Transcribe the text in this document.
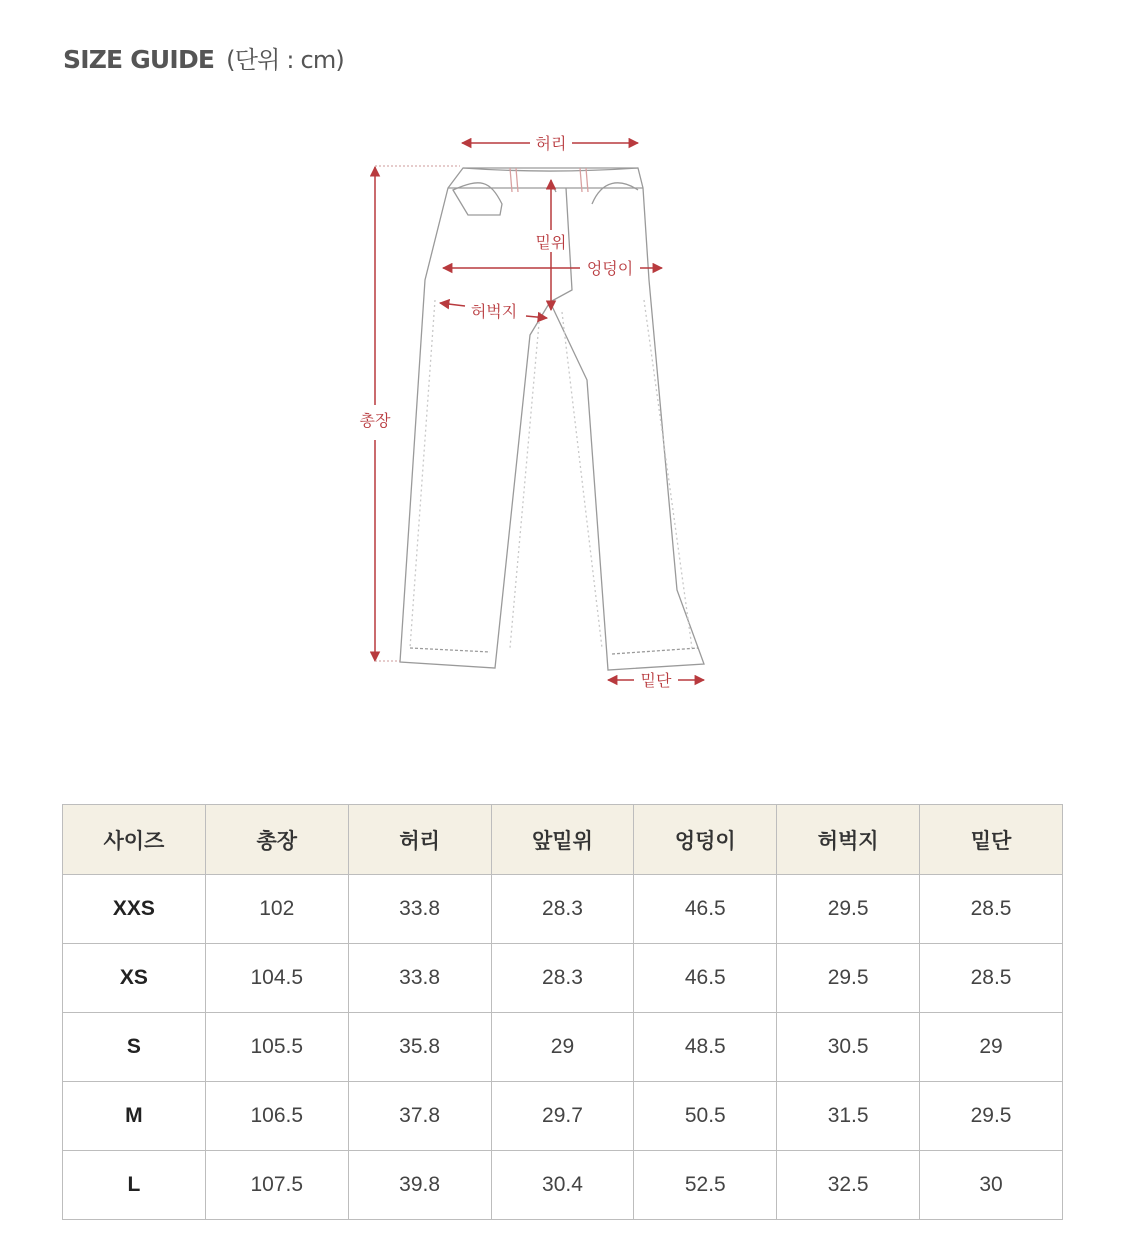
SIZE GUIDE (단위 : cm)
허리
총장
밑위
엉덩이
허벅지
밑단
사이즈	총장	허리	앞밑위	엉덩이	허벅지	밑단
XXS	102	33.8	28.3	46.5	29.5	28.5
XS	104.5	33.8	28.3	46.5	29.5	28.5
S	105.5	35.8	29	48.5	30.5	29
M	106.5	37.8	29.7	50.5	31.5	29.5
L	107.5	39.8	30.4	52.5	32.5	30
